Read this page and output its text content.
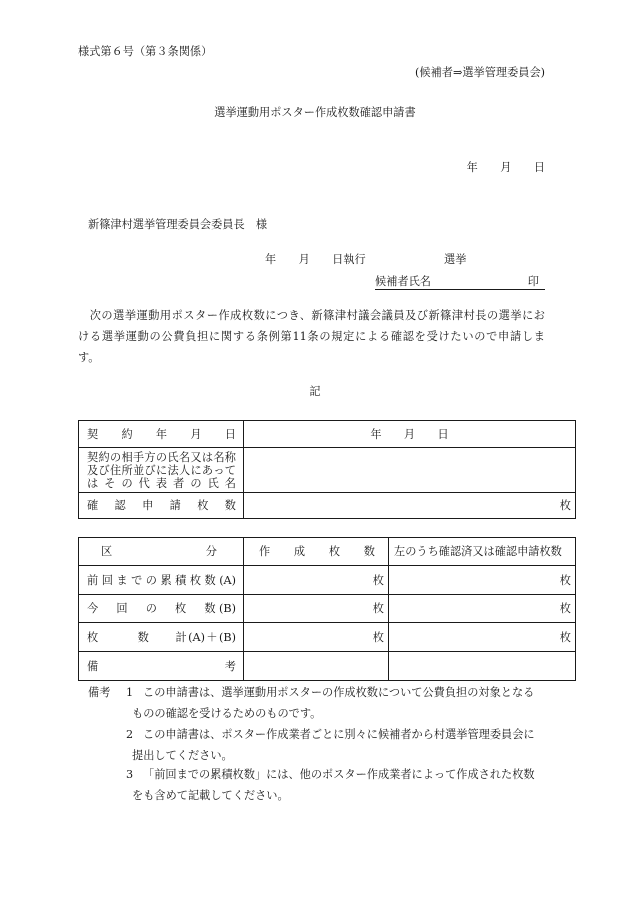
様式第６号（第３条関係）
(候補者⇒選挙管理委員会)
選挙運動用ポスター作成枚数確認申請書
年　　月　　日
新篠津村選挙管理委員会委員長　様
年　　月　　日執行　　　　　　　選挙
候補者氏名	印
　次の選挙運動用ポスター作成枚数につき、新篠津村議会議員及び新篠津村長の選挙にお
ける選挙運動の公費負担に関する条例第11条の規定による確認を受けたいので申請しま
す。
記
契　約　年　月　日	年　　月　　日

契約の相手方の氏名又は名称
及び住所並びに法人にあって
はその代表者の氏名	

確　認　申　請　枚　数	枚
区　　　　　　分	作　成　枚　数	左のうち確認済又は確認申請枚数
前回までの累積枚数(A)	枚	枚
今　回　の　枚　数(B)	枚	枚
枚　　　数　　計(A)＋(B)	枚	枚
備　　　　　　　考		
備考 1 この申請書は、選挙運動用ポスターの作成枚数について公費負担の対象となる
ものの確認を受けるためのものです。
2 この申請書は、ポスター作成業者ごとに別々に候補者から村選挙管理委員会に
提出してください。
3 「前回までの累積枚数」には、他のポスター作成業者によって作成された枚数
をも含めて記載してください。
